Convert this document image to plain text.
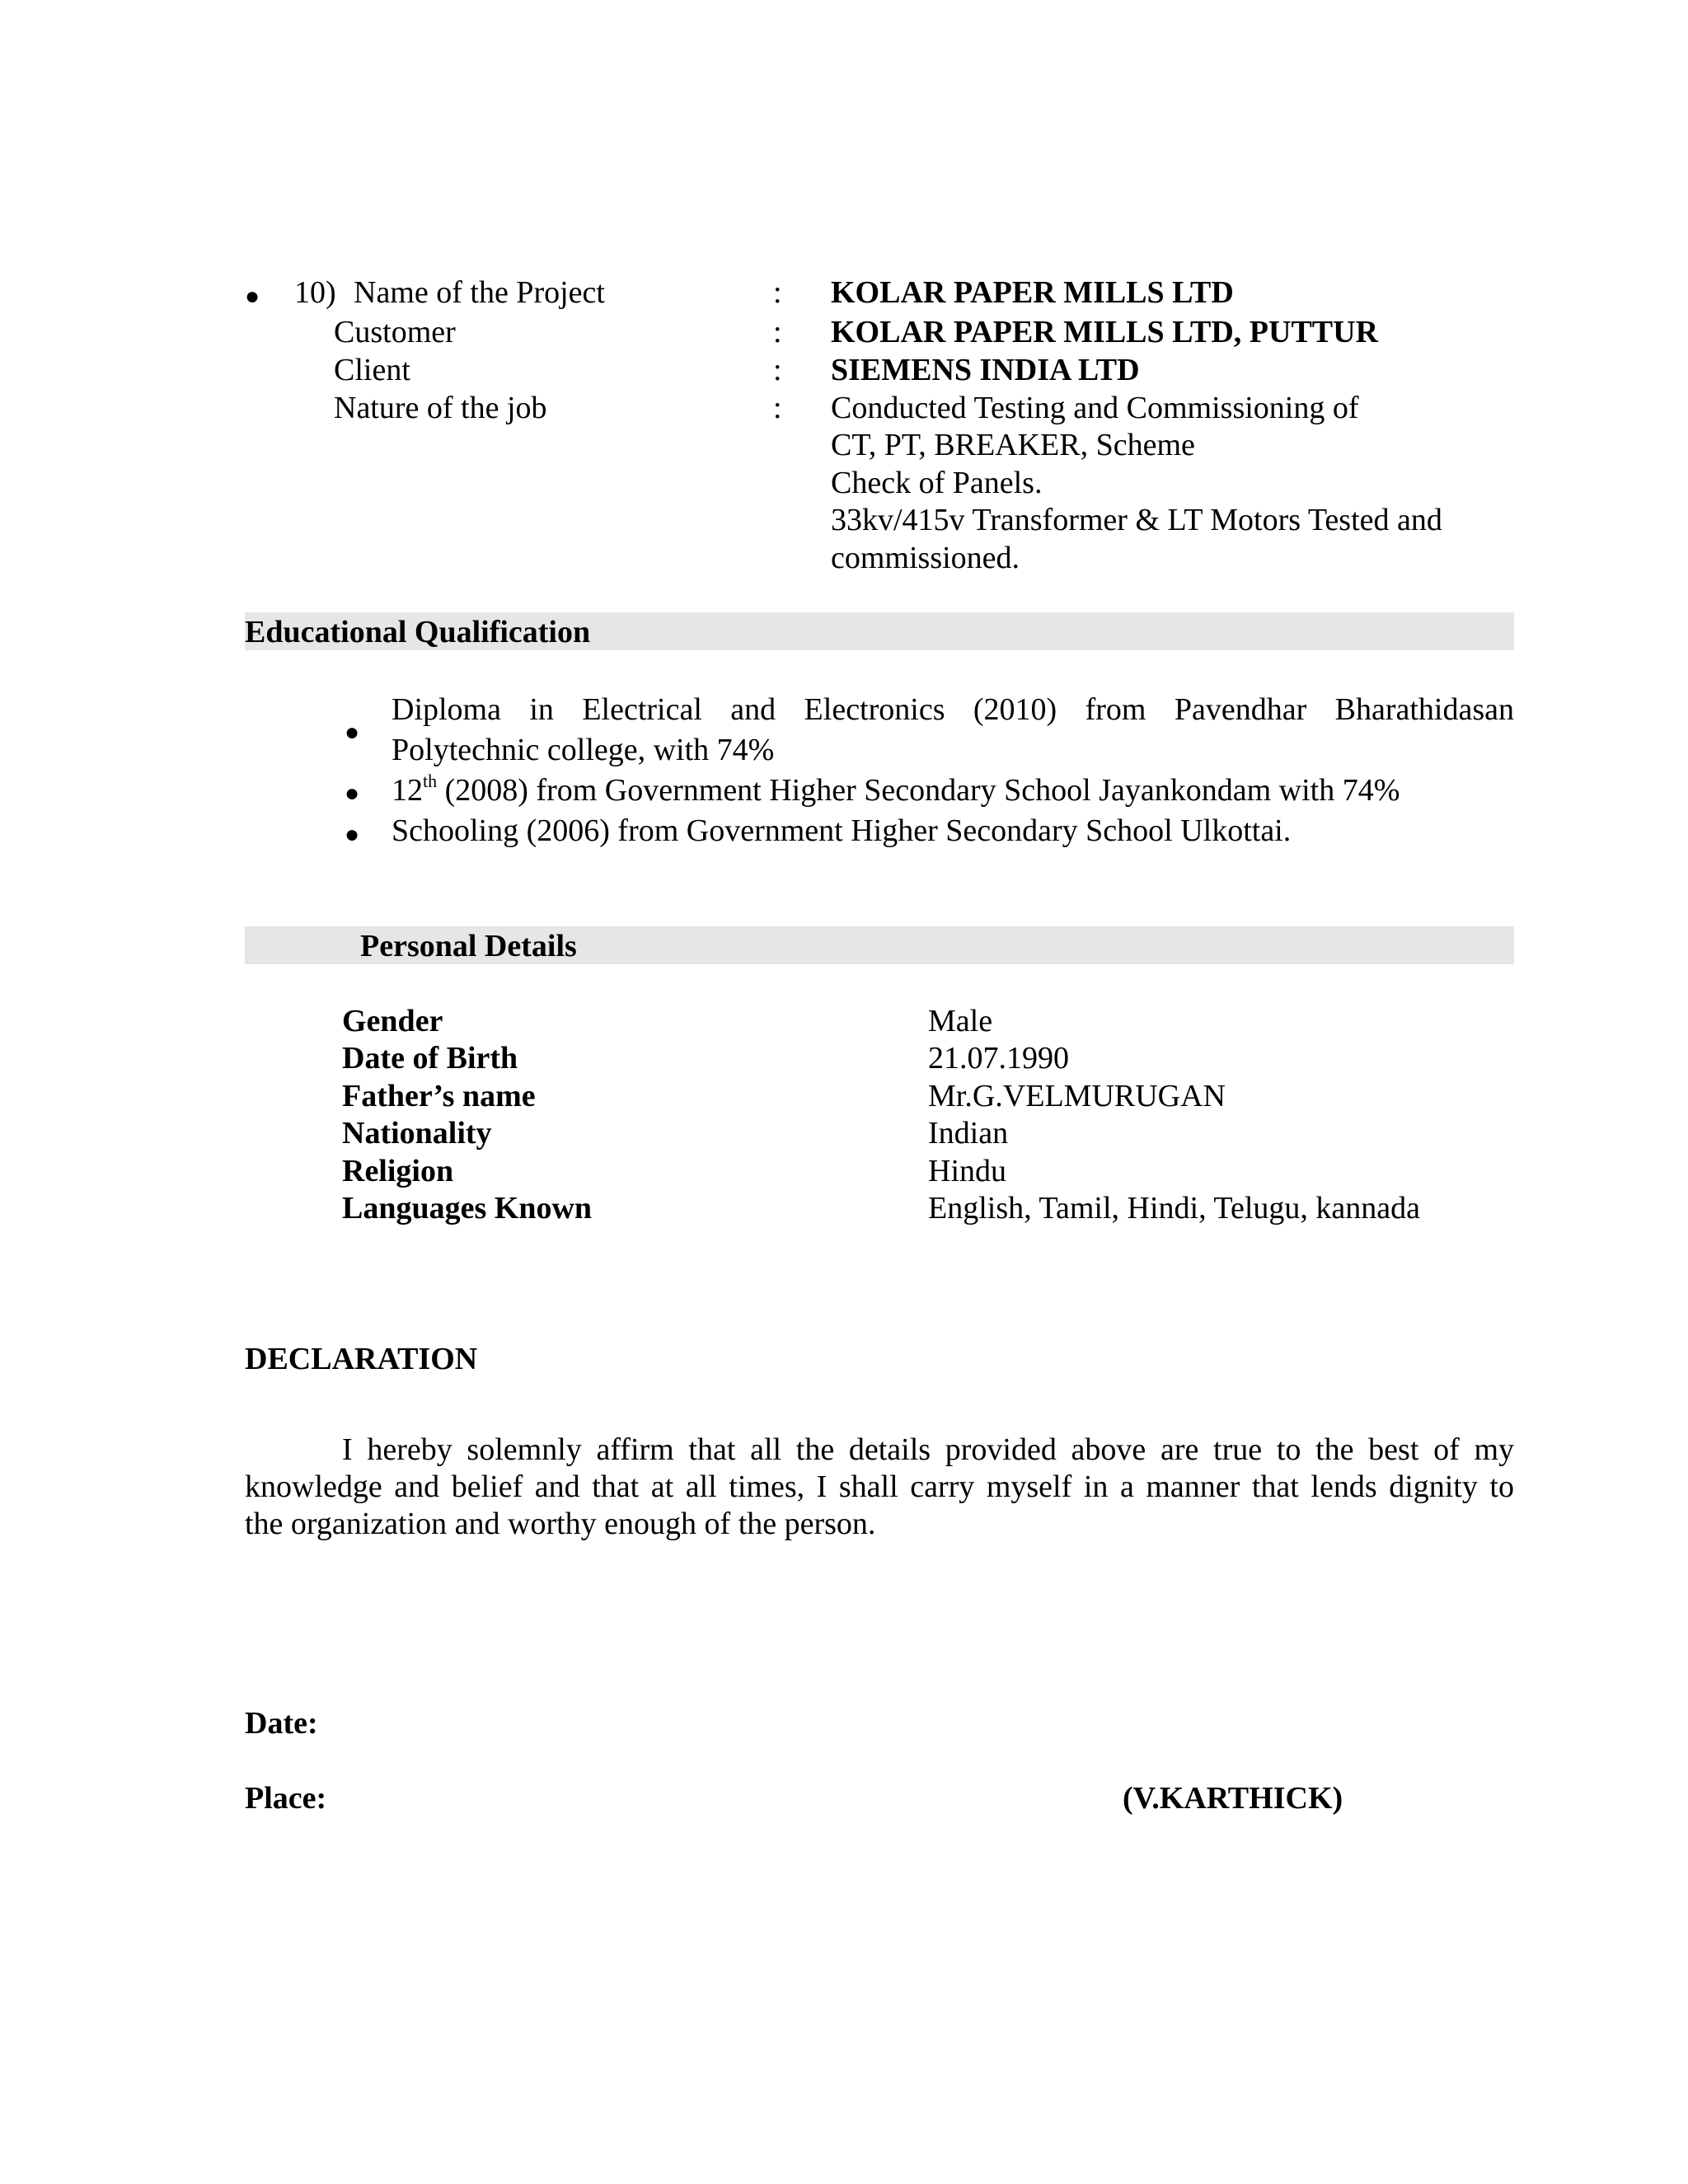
● 10) Name of the Project	: KOLAR PAPER MILLS LTD
Customer	: KOLAR PAPER MILLS LTD, PUTTUR
Client	: SIEMENS INDIA LTD
Nature of the job	: Conducted Testing and Commissioning of
CT, PT, BREAKER, Scheme
Check of Panels.
33kv/415v Transformer & LT Motors Tested and
commissioned.
Educational Qualification
●
Diploma in Electrical and Electronics (2010) from Pavendhar Bharathidasan
Polytechnic college, with 74%
● 12th (2008) from Government Higher Secondary School Jayankondam with 74%
● Schooling (2006) from Government Higher Secondary School Ulkottai.
Personal Details
Gender	Male
Date of Birth	21.07.1990
Father’s name	Mr.G.VELMURUGAN
Nationality	Indian
Religion	Hindu
Languages Known	English, Tamil, Hindi, Telugu, kannada
DECLARATION
I hereby solemnly affirm that all the details provided above are true to the best of my
knowledge and belief and that at all times, I shall carry myself in a manner that lends dignity to
the organization and worthy enough of the person.
Date:
Place:	(V.KARTHICK)
